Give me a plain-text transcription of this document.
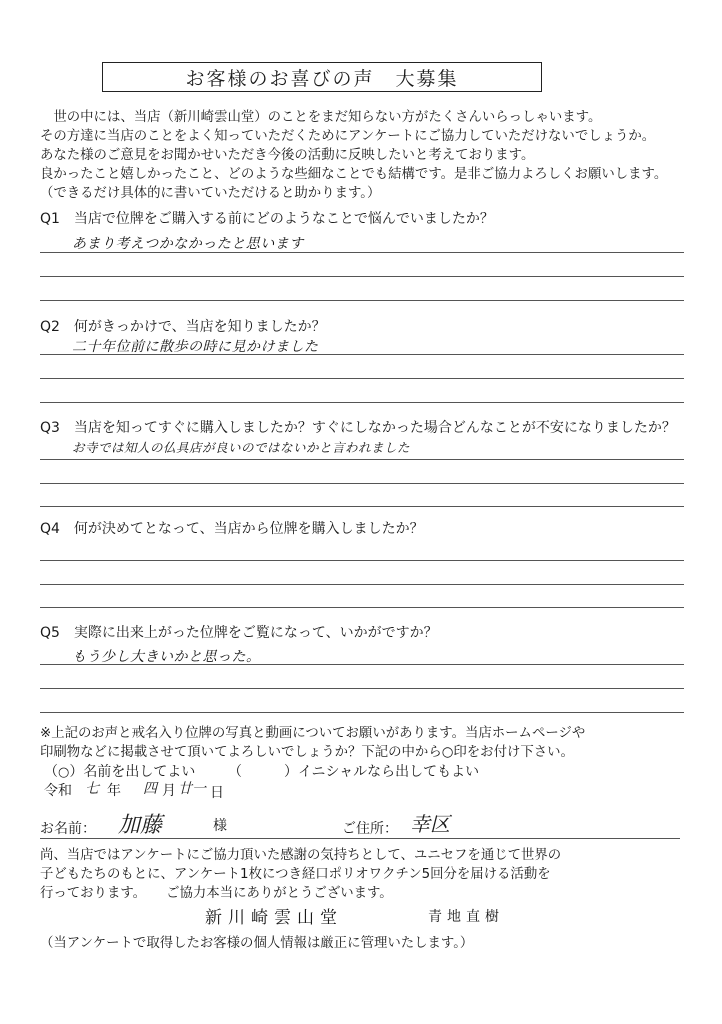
お客様のお喜びの声　大募集
　世の中には、当店（新川崎雲山堂）のことをまだ知らない方がたくさんいらっしゃいます。
その方達に当店のことをよく知っていただくためにアンケートにご協力していただけないでしょうか。
あなた様のご意見をお聞かせいただき今後の活動に反映したいと考えております。
良かったこと嬉しかったこと、どのような些細なことでも結構です。是非ご協力よろしくお願いします。
（できるだけ具体的に書いていただけると助かります。）
Q1　当店で位牌をご購入する前にどのようなことで悩んでいましたか？
あまり考えつかなかったと思います
Q2　何がきっかけで、当店を知りましたか？
二十年位前に散歩の時に見かけました
Q3　当店を知ってすぐに購入しましたか？すぐにしなかった場合どんなことが不安になりましたか？
お寺では知人の仏具店が良いのではないかと言われました
Q4　何が決めてとなって、当店から位牌を購入しましたか？
Q5　実際に出来上がった位牌をご覧になって、いかがですか？
もう少し大きいかと思った。
※上記のお声と戒名入り位牌の写真と動画についてお願いがあります。当店ホームページや
印刷物などに掲載させて頂いてよろしいでしょうか？下記の中から○印をお付け下さい。
（○）名前を出してよい （　　　）イニシャルなら出してもよい
令和 七 年 四 月 廿一 日
お名前： 加藤	様	ご住所： 幸区
尚、当店ではアンケートにご協力頂いた感謝の気持ちとして、ユニセフを通じて世界の
子どもたちのもとに、アンケート1枚につき経口ポリオワクチン5回分を届ける活動を
行っております。　　ご協力本当にありがとうございます。
新川崎雲山堂	青地直樹
（当アンケートで取得したお客様の個人情報は厳正に管理いたします。）
